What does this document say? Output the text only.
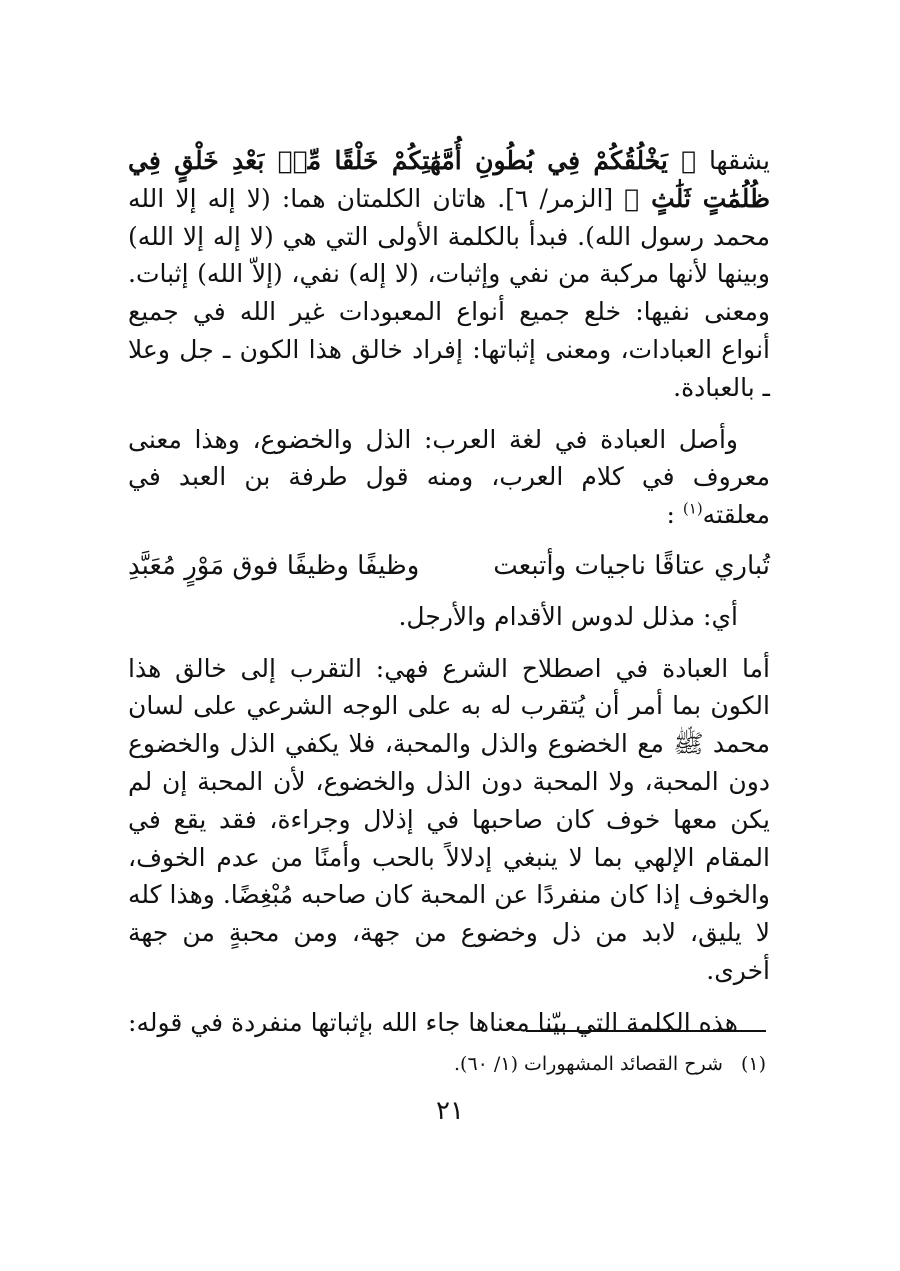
يشقها ﴿ يَخْلُقُكُمْ فِي بُطُونِ أُمَّهَٰتِكُمْ خَلْقًا مِّنۢ بَعْدِ خَلْقٍ فِي ظُلُمَٰتٍ ثَلَٰثٍ ﴾ [الزمر/ ٦]. هاتان الكلمتان هما: (لا إله إلا الله محمد رسول الله). فبدأ بالكلمة الأولى التي هي (لا إله إلا الله) وبينها لأنها مركبة من نفي وإثبات، (لا إله) نفي، (إلاّ الله) إثبات. ومعنى نفيها: خلع جميع أنواع المعبودات غير الله في جميع أنواع العبادات، ومعنى إثباتها: إفراد خالق هذا الكون ـ جل وعلا ـ بالعبادة.

وأصل العبادة في لغة العرب: الذل والخضوع، وهذا معنى معروف في كلام العرب، ومنه قول طرفة بن العبد في معلقته$^{(١)}$ :

تُباري عتاقًا ناجيات وأتبعت
وظيفًا وظيفًا فوق مَوْرٍ مُعَبَّدِ

أي: مذلل لدوس الأقدام والأرجل.

أما العبادة في اصطلاح الشرع فهي: التقرب إلى خالق هذا الكون بما أمر أن يُتقرب له به على الوجه الشرعي على لسان محمد ﷺ مع الخضوع والذل والمحبة، فلا يكفي الذل والخضوع دون المحبة، ولا المحبة دون الذل والخضوع، لأن المحبة إن لم يكن معها خوف كان صاحبها في إذلال وجراءة، فقد يقع في المقام الإلهي بما لا ينبغي إدلالاً بالحب وأمنًا من عدم الخوف، والخوف إذا كان منفردًا عن المحبة كان صاحبه مُبْغِضًا. وهذا كله لا يليق، لابد من ذل وخضوع من جهة، ومن محبةٍ من جهة أخرى.

هذه الكلمة التي بيّنا معناها جاء الله بإثباتها منفردة في قوله:

(١) شرح القصائد المشهورات (١/ ٦٠).
٢١
